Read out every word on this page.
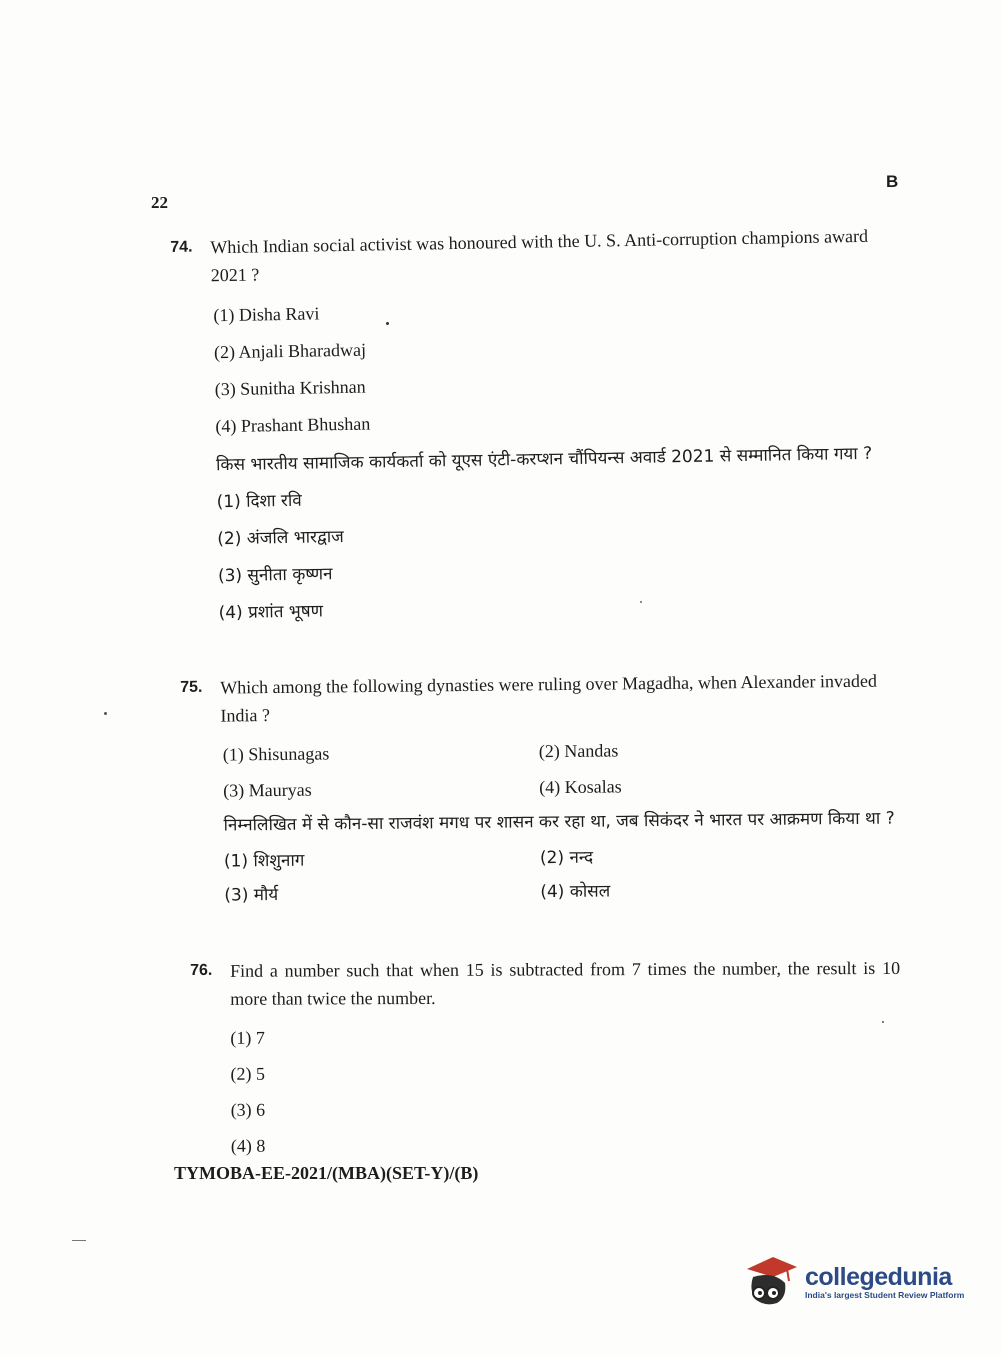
22
B
74. Which Indian social activist was honoured with the U. S. Anti-corruption champions award 2021 ?
(1) Disha Ravi
(2) Anjali Bharadwaj
(3) Sunitha Krishnan
(4) Prashant Bhushan
किस भारतीय सामाजिक कार्यकर्ता को यूएस एंटी-करप्शन चौंपियन्स अवार्ड 2021 से सम्मानित किया गया ?
(1) दिशा रवि
(2) अंजलि भारद्वाज
(3) सुनीता कृष्णन
(4) प्रशांत भूषण
75. Which among the following dynasties were ruling over Magadha, when Alexander invaded India ?
(1) Shisunagas	(2) Nandas
(3) Mauryas	(4) Kosalas
निम्नलिखित में से कौन-सा राजवंश मगध पर शासन कर रहा था, जब सिकंदर ने भारत पर आक्रमण किया था ?
(1) शिशुनाग	(2) नन्द
(3) मौर्य	(4) कोसल
76. Find a number such that when 15 is subtracted from 7 times the number, the result is 10 more than twice the number.
(1) 7
(2) 5
(3) 6
(4) 8
TYMOBA-EE-2021/(MBA)(SET-Y)/(B)
collegedunia
India's largest Student Review Platform
